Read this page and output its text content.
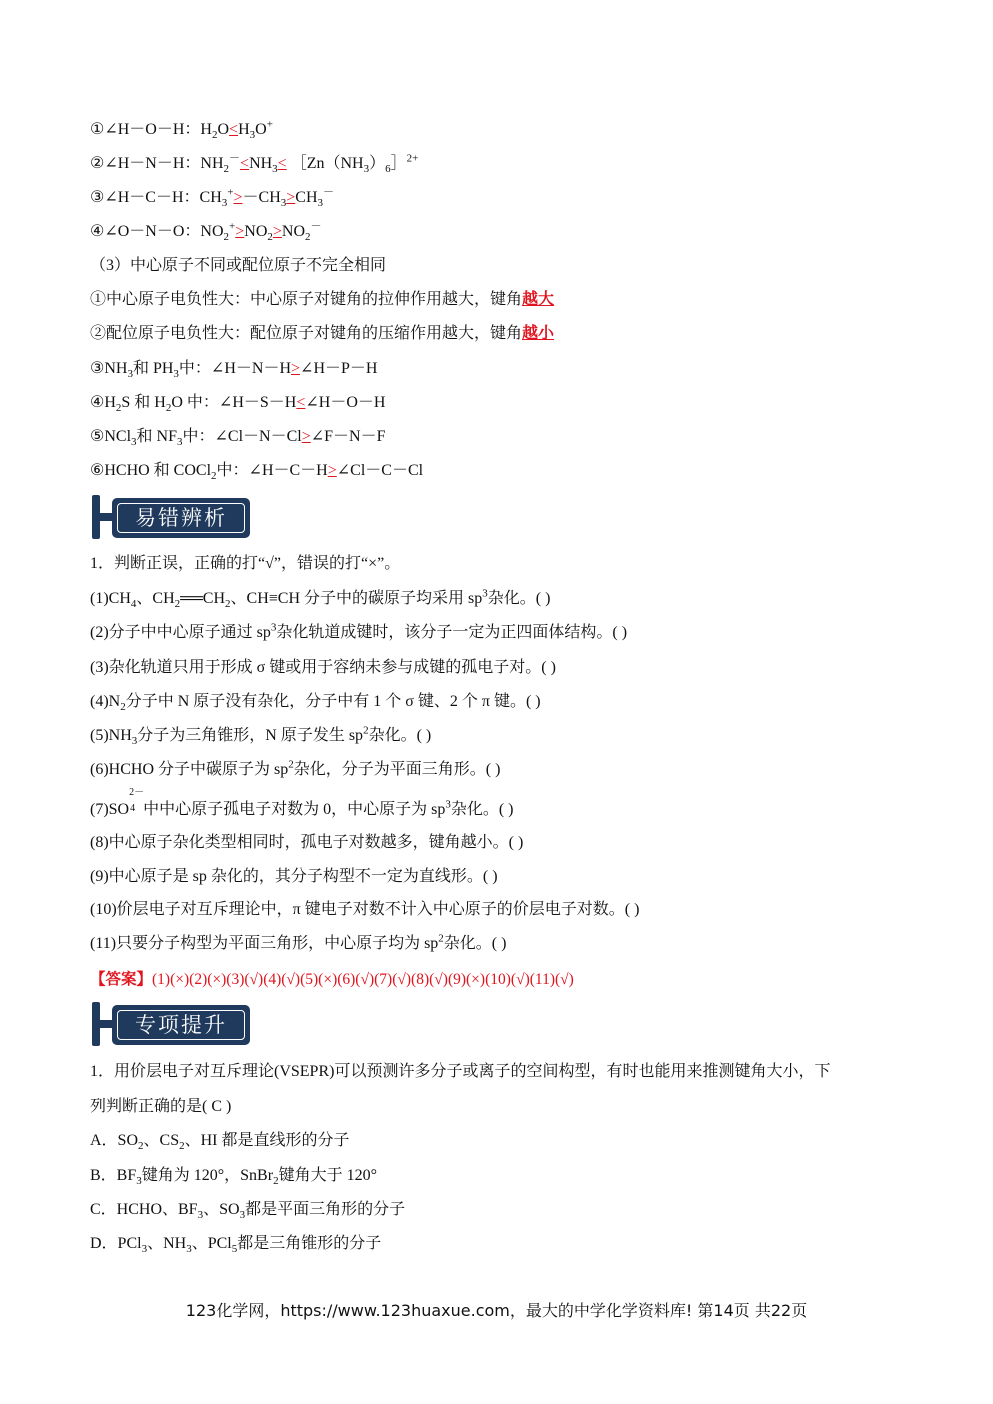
①∠H－O－H：$H_2O<H_3O^+$
②∠H－N－H：$NH_2^-<NH_3<$ $[Zn(NH_3)_6]^{2+}$
③∠H－C－H：$CH_3^+>-CH_3>CH_3^-$
④∠O－N－O：$NO_2^+>NO_2>NO_2^-$
（3）中心原子不同或配位原子不完全相同
①中心原子电负性大：中心原子对键角的拉伸作用越大，键角越大
②配位原子电负性大：配位原子对键角的压缩作用越大，键角越小
$③NH_3$和 $PH_3$中：∠H－N－H>∠H－P－H
$④H_2S$ 和 $H_2O$ 中：∠H－S－H<∠H－O－H
⑤NCl$_3$和 $NF_3$中：∠Cl－N－Cl>∠F－N－F
⑥HCHO 和 COCl$_2$中：∠H－C－H>∠Cl－C－Cl
易错辨析
1．判断正误，正确的打“√”，错误的打“×”。
$(1)CH_4$、$CH_2══CH_2$、CH≡CH 分子中的碳原子均采用 $sp^3$杂化。( )
(2)分子中中心原子通过 $sp^3$杂化轨道成键时，该分子一定为正四面体结构。( )
(3)杂化轨道只用于形成 σ 键或用于容纳未参与成键的孤电子对。( )
$(4)N_2$分子中 N 原子没有杂化，分子中有 1 个 σ 键、2 个 π 键。( )
$(5)NH_3$分子为三角锥形，N 原子发生 $sp^2$杂化。( )
(6)HCHO 分子中碳原子为 $sp^2$杂化，分子为平面三角形。( )
(7)SO
2－
4 中中心原子孤电子对数为 0，中心原子为 $sp^3$杂化。( )
(8)中心原子杂化类型相同时，孤电子对数越多，键角越小。( )
(9)中心原子是 sp 杂化的，其分子构型不一定为直线形。( )
(10)价层电子对互斥理论中，π 键电子对数不计入中心原子的价层电子对数。( )
(11)只要分子构型为平面三角形，中心原子均为 $sp^2$杂化。( )
【答案】(1)(×)(2)(×)(3)(√)(4)(√)(5)(×)(6)(√)(7)(√)(8)(√)(9)(×)(10)(√)(11)(√)
专项提升
1．用价层电子对互斥理论(VSEPR)可以预测许多分子或离子的空间构型，有时也能用来推测键角大小，下
列判断正确的是( C )
A．$SO_2$、$CS_2$、HI 都是直线形的分子
B．$BF_3$键角为 120°，SnBr$_2$键角大于 120°
C．HCHO、$BF_3$、$SO_3$都是平面三角形的分子
D．PCl$_3$、$NH_3$、PCl$_5$都是三角锥形的分子
123化学网，https://www.123huaxue.com，最大的中学化学资料库! 第14页 共22页
